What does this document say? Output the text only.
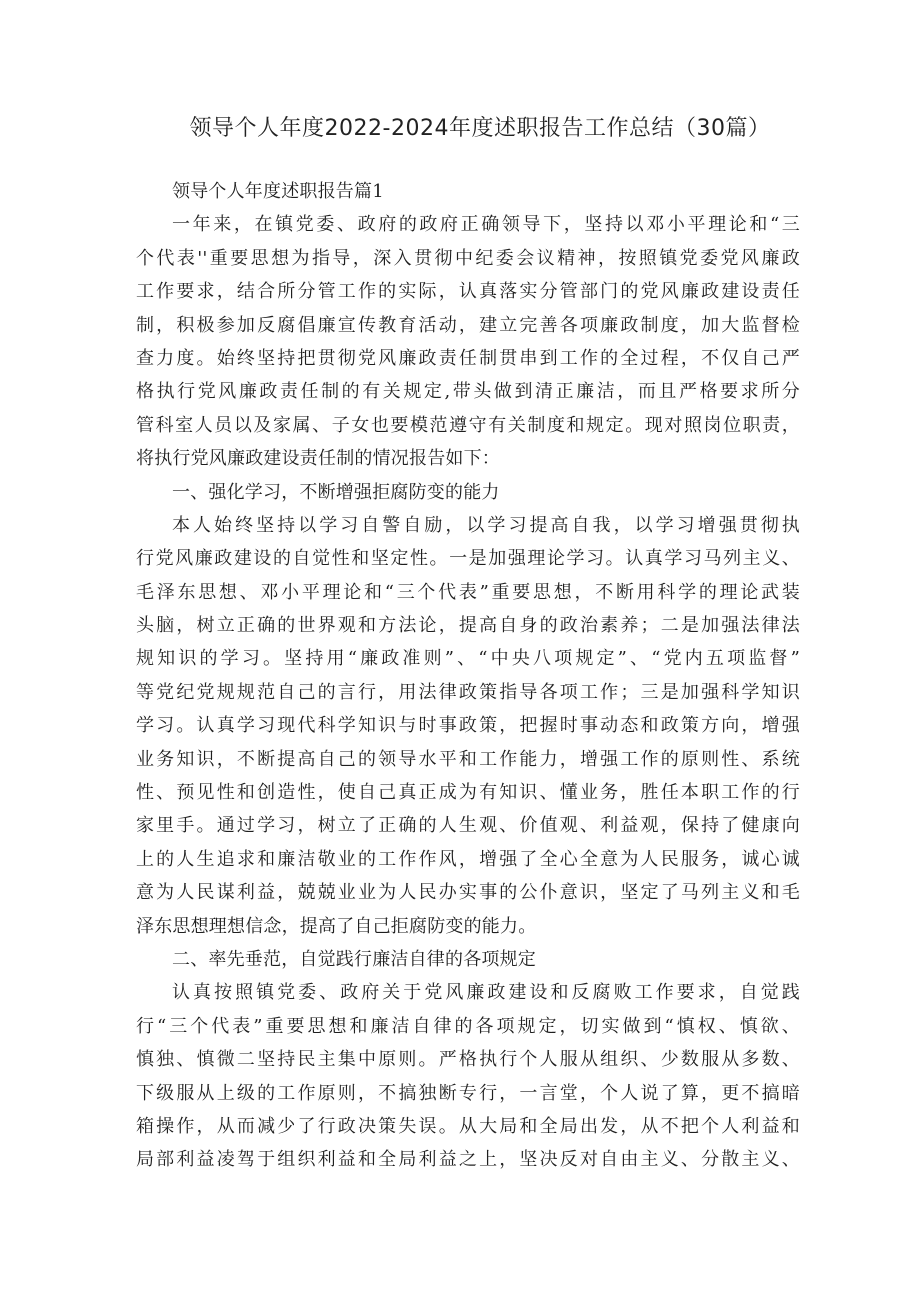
领导个人年度2022-2024年度述职报告工作总结（30篇）
领导个人年度述职报告篇1
一年来，在镇党委、政府的政府正确领导下，坚持以邓小平理论和“三
个代表''重要思想为指导，深入贯彻中纪委会议精神，按照镇党委党风廉政
工作要求，结合所分管工作的实际，认真落实分管部门的党风廉政建设责任
制，积极参加反腐倡廉宣传教育活动，建立完善各项廉政制度，加大监督检
查力度。始终坚持把贯彻党风廉政责任制贯串到工作的全过程，不仅自己严
格执行党风廉政责任制的有关规定,带头做到清正廉洁，而且严格要求所分
管科室人员以及家属、子女也要模范遵守有关制度和规定。现对照岗位职责，
将执行党风廉政建设责任制的情况报告如下：
一、强化学习，不断增强拒腐防变的能力
本人始终坚持以学习自警自励，以学习提高自我，以学习增强贯彻执
行党风廉政建设的自觉性和坚定性。一是加强理论学习。认真学习马列主义、
毛泽东思想、邓小平理论和“三个代表”重要思想，不断用科学的理论武装
头脑，树立正确的世界观和方法论，提高自身的政治素养；二是加强法律法
规知识的学习。坚持用“廉政准则”、“中央八项规定”、“党内五项监督”
等党纪党规规范自己的言行，用法律政策指导各项工作；三是加强科学知识
学习。认真学习现代科学知识与时事政策，把握时事动态和政策方向，增强
业务知识，不断提高自己的领导水平和工作能力，增强工作的原则性、系统
性、预见性和创造性，使自己真正成为有知识、懂业务，胜任本职工作的行
家里手。通过学习，树立了正确的人生观、价值观、利益观，保持了健康向
上的人生追求和廉洁敬业的工作作风，增强了全心全意为人民服务，诚心诚
意为人民谋利益，兢兢业业为人民办实事的公仆意识，坚定了马列主义和毛
泽东思想理想信念，提高了自己拒腐防变的能力。
二、率先垂范，自觉践行廉洁自律的各项规定
认真按照镇党委、政府关于党风廉政建设和反腐败工作要求，自觉践
行“三个代表”重要思想和廉洁自律的各项规定，切实做到“慎权、慎欲、
慎独、慎微二坚持民主集中原则。严格执行个人服从组织、少数服从多数、
下级服从上级的工作原则，不搞独断专行，一言堂，个人说了算，更不搞暗
箱操作，从而减少了行政决策失误。从大局和全局出发，从不把个人利益和
局部利益凌驾于组织利益和全局利益之上，坚决反对自由主义、分散主义、
